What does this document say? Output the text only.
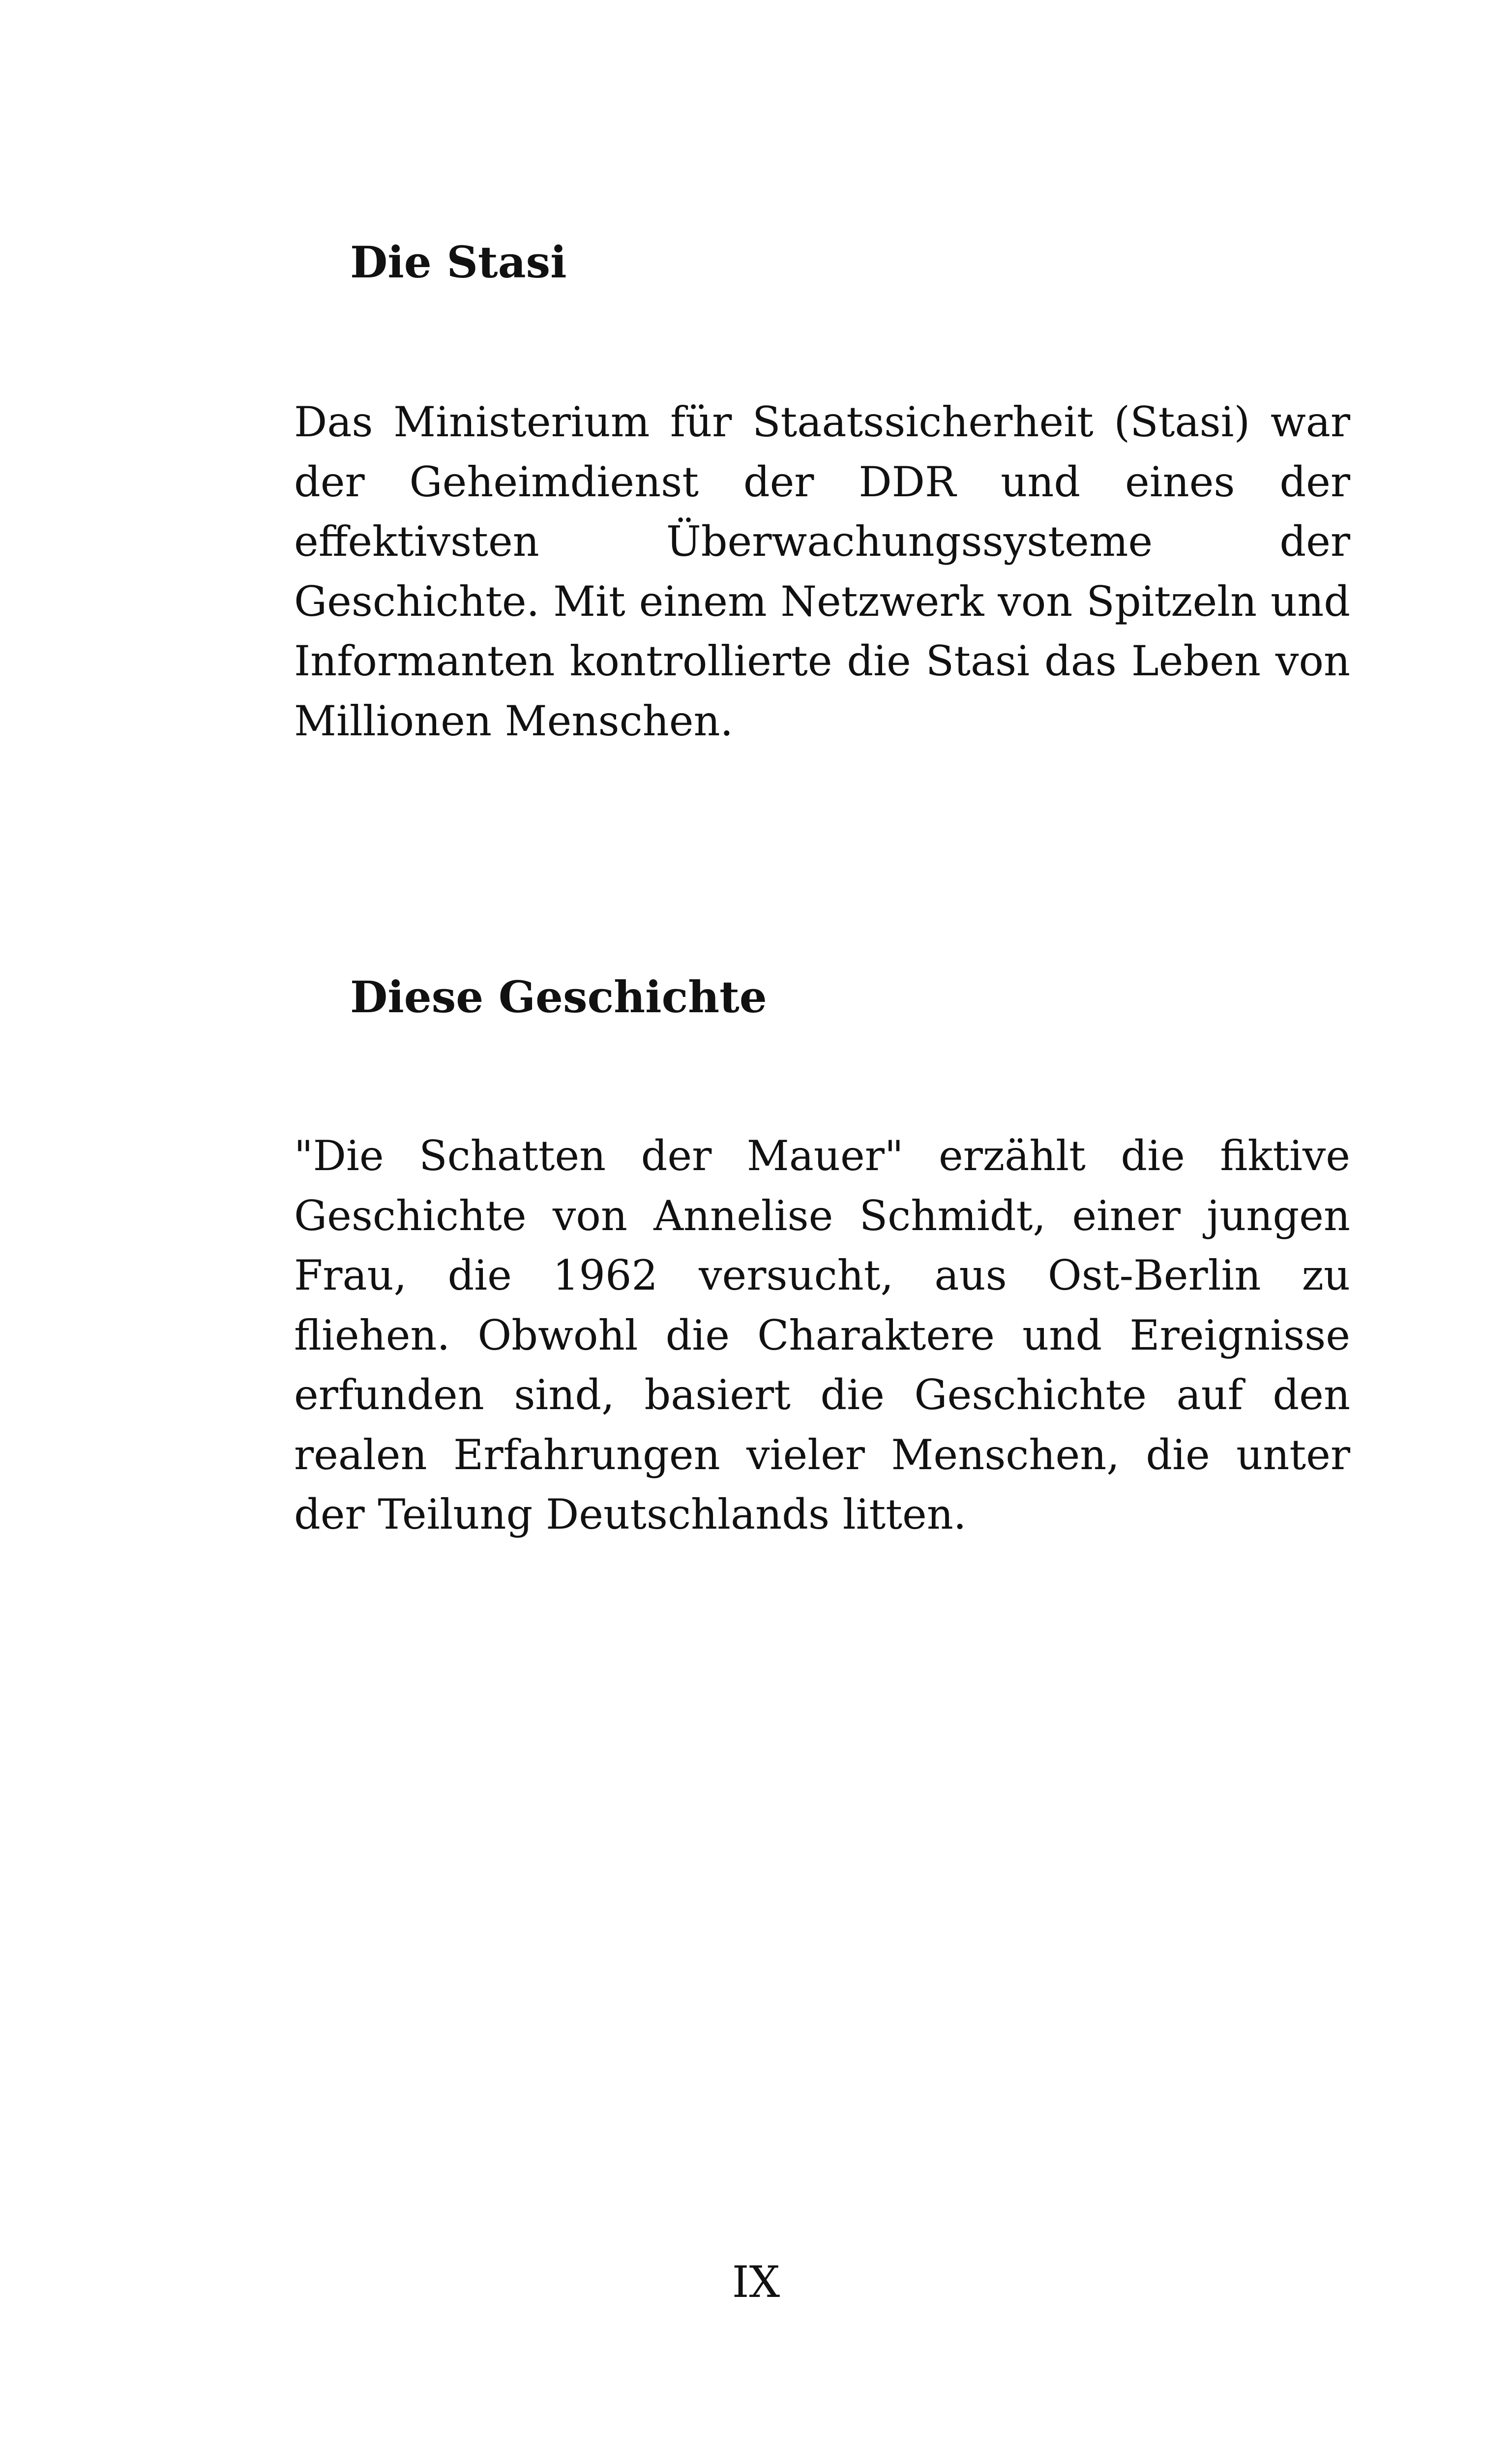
Die Stasi

Das Ministerium für Staatssicherheit (Stasi) war der Geheimdienst der DDR und eines der effektivsten Überwachungssysteme der Geschichte. Mit einem Netzwerk von Spitzeln und Informanten kontrollierte die Stasi das Leben von Millionen Menschen.

Diese Geschichte

"Die Schatten der Mauer" erzählt die fiktive Geschichte von Annelise Schmidt, einer jungen Frau, die 1962 versucht, aus Ost-Berlin zu fliehen. Obwohl die Charaktere und Ereignisse erfunden sind, basiert die Geschichte auf den realen Erfahrungen vieler Menschen, die unter der Teilung Deutschlands litten.

IX
